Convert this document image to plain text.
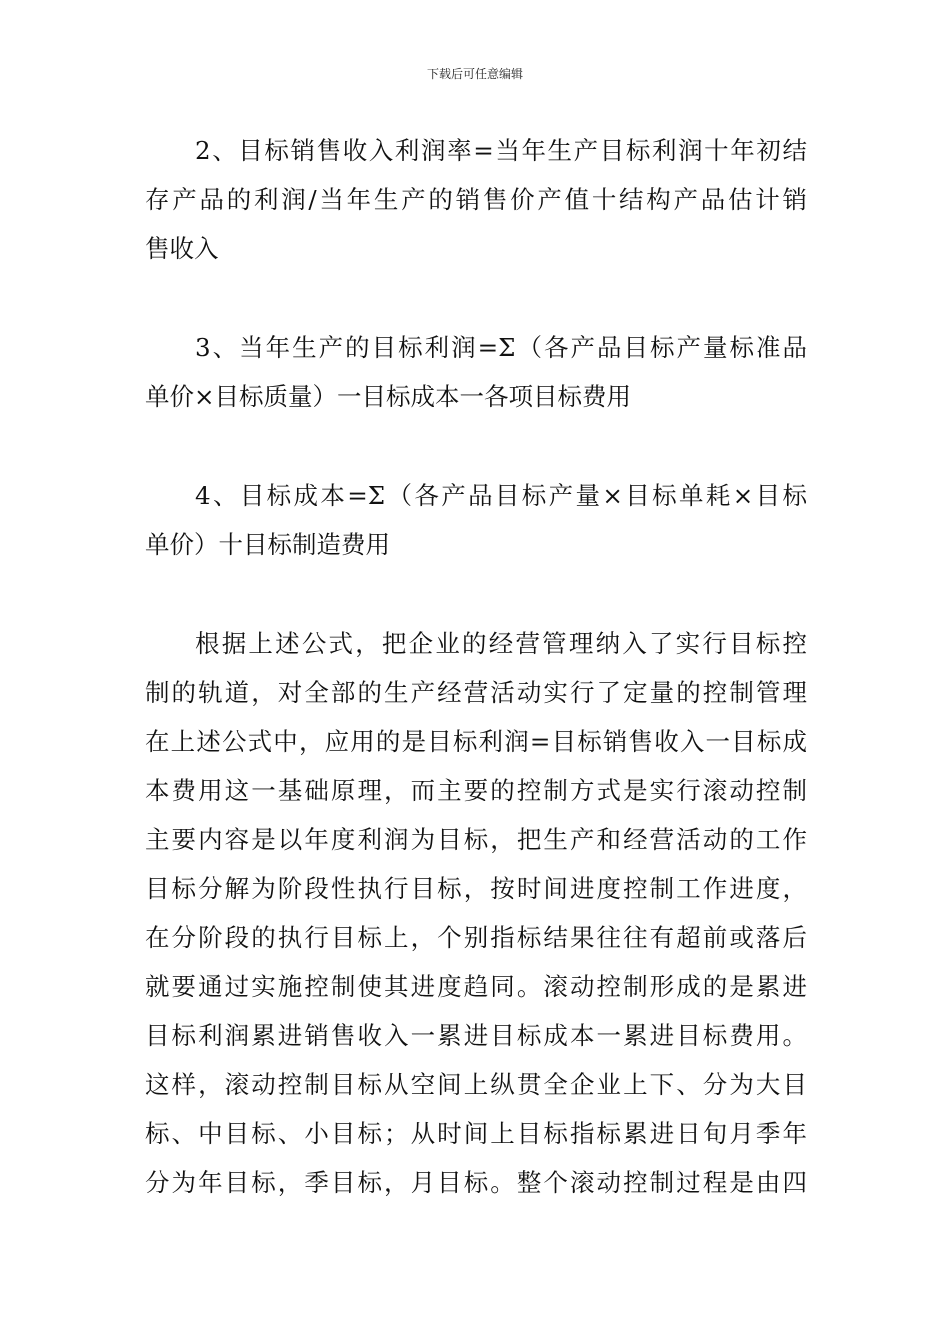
下载后可任意编辑
2、目标销售收入利润率=当年生产目标利润十年初结
存产品的利润/当年生产的销售价产值十结构产品估计销
售收入
3、当年生产的目标利润=Σ（各产品目标产量标准品
单价×目标质量）一目标成本一各项目标费用
4、目标成本=Σ（各产品目标产量×目标单耗×目标
单价）十目标制造费用
根据上述公式，把企业的经营管理纳入了实行目标控
制的轨道，对全部的生产经营活动实行了定量的控制管理
在上述公式中，应用的是目标利润=目标销售收入一目标成
本费用这一基础原理，而主要的控制方式是实行滚动控制
主要内容是以年度利润为目标，把生产和经营活动的工作
目标分解为阶段性执行目标，按时间进度控制工作进度，
在分阶段的执行目标上，个别指标结果往往有超前或落后
就要通过实施控制使其进度趋同。滚动控制形成的是累进
目标利润累进销售收入一累进目标成本一累进目标费用。
这样，滚动控制目标从空间上纵贯全企业上下、分为大目
标、中目标、小目标；从时间上目标指标累进日旬月季年
分为年目标，季目标，月目标。整个滚动控制过程是由四
